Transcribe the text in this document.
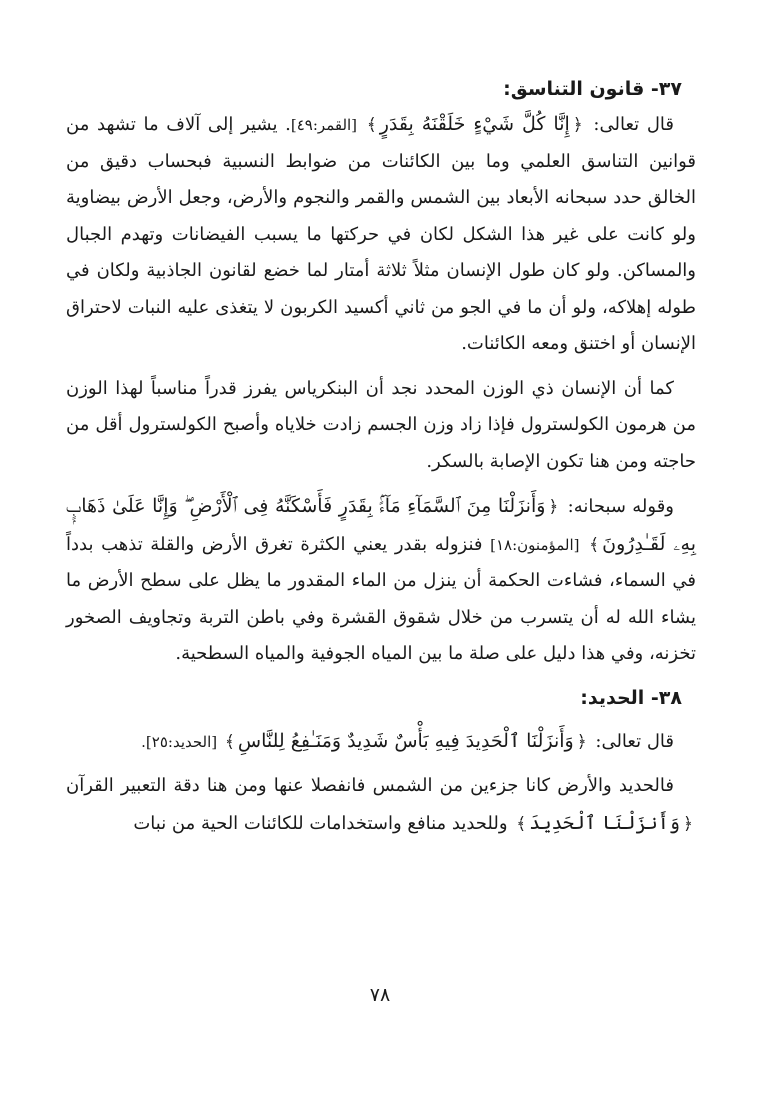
٣٧- قانون التناسق:

قال تعالى: ﴿إِنَّا كُلَّ شَيْءٍ خَلَقْنَهُ بِقَدَرٍ﴾ [القمر:٤٩]. يشير إلى آلاف ما تشهد من قوانين التناسق العلمي وما بين الكائنات من ضوابط النسبية فبحساب دقيق من الخالق حدد سبحانه الأبعاد بين الشمس والقمر والنجوم والأرض، وجعل الأرض بيضاوية ولو كانت على غير هذا الشكل لكان في حركتها ما يسبب الفيضانات وتهدم الجبال والمساكن. ولو كان طول الإنسان مثلاً ثلاثة أمتار لما خضع لقانون الجاذبية ولكان في طوله إهلاكه، ولو أن ما في الجو من ثاني أكسيد الكربون لا يتغذى عليه النبات لاحتراق الإنسان أو اختنق ومعه الكائنات.

كما أن الإنسان ذي الوزن المحدد نجد أن البنكرياس يفرز قدراً مناسباً لهذا الوزن من هرمون الكولسترول فإذا زاد وزن الجسم زادت خلاياه وأصبح الكولسترول أقل من حاجته ومن هنا تكون الإصابة بالسكر.

وقوله سبحانه: ﴿وَأَنزَلْنَا مِنَ ٱلسَّمَآءِ مَآءًۢ بِقَدَرٍ فَأَسْكَنَّهُ فِى ٱلْأَرْضِ ۖ وَإِنَّا عَلَىٰ ذَهَابٍۭ بِهِۦ لَقَـٰدِرُونَ﴾ [المؤمنون:١٨] فنزوله بقدر يعني الكثرة تغرق الأرض والقلة تذهب بدداً في السماء، فشاءت الحكمة أن ينزل من الماء المقدور ما يظل على سطح الأرض ما يشاء الله له أن يتسرب من خلال شقوق القشرة وفي باطن التربة وتجاويف الصخور تخزنه، وفي هذا دليل على صلة ما بين المياه الجوفية والمياه السطحية.

٣٨- الحديد:

قال تعالى: ﴿وَأَنزَلْنَا ٱلْحَدِيدَ فِيهِ بَأْسٌ شَدِيدٌ وَمَنَـٰفِعُ لِلنَّاسِ﴾ [الحديد:٢٥].

فالحديد والأرض كانا جزءين من الشمس فانفصلا عنها ومن هنا دقة التعبير القرآن ﴿وَأَنزَلْنَا ٱلْحَدِيدَ﴾ وللحديد منافع واستخدامات للكائنات الحية من نبات

٧٨
